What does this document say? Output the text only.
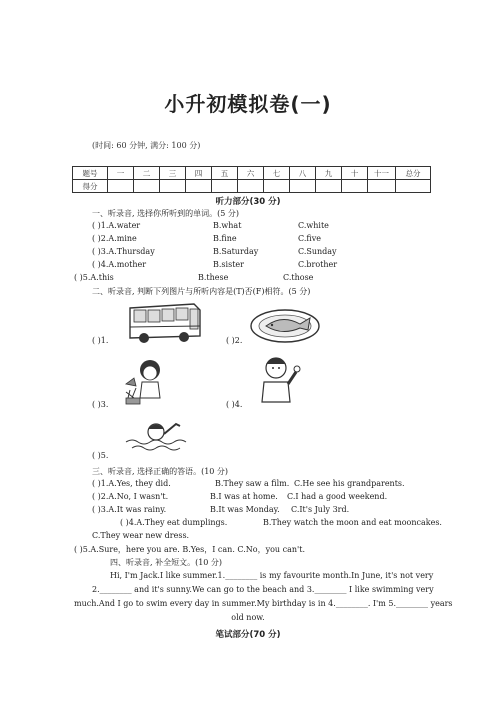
小升初模拟卷(一)
(时间: 60 分钟, 满分: 100 分)
题号	一	二	三	四	五	六	七	八	九	十	十一	总分
得分												
听力部分(30 分)
一、听录音, 选择你所听到的单词。(5 分)
( )1.A.water	B.what	C.white
( )2.A.mine	B.fine	C.five
( )3.A.Thursday	B.Saturday	C.Sunday
( )4.A.mother	B.sister	C.brother
( )5.A.this	B.these	C.those
二、听录音, 判断下列图片与所听内容是(T)否(F)相符。(5 分)
( )1.	( )2.
( )3.	( )4.
( )5.
三、听录音, 选择正确的答语。(10 分)
( )1.A.Yes, they did.	B.They saw a film. C.He see his grandparents.
( )2.A.No, I wasn't.	B.I was at home. C.I had a good weekend.
( )3.A.It was rainy.	B.It was Monday. C.It's July 3rd.
( )4.A.They eat dumplings.	B.They watch the moon and eat mooncakes.
C.They wear new dress.
( )5.A.Sure，here you are. B.Yes，I can. C.No，you can't.
四、听录音, 补全短文。(10 分)
Hi, I'm Jack.I like summer.1.________ is my favourite month.In June, it's not very
2.________ and it's sunny.We can go to the beach and 3.________ I like swimming very
much.And I go to swim every day in summer.My birthday is in 4.________. I'm 5.________ years
old now.
笔试部分(70 分)
